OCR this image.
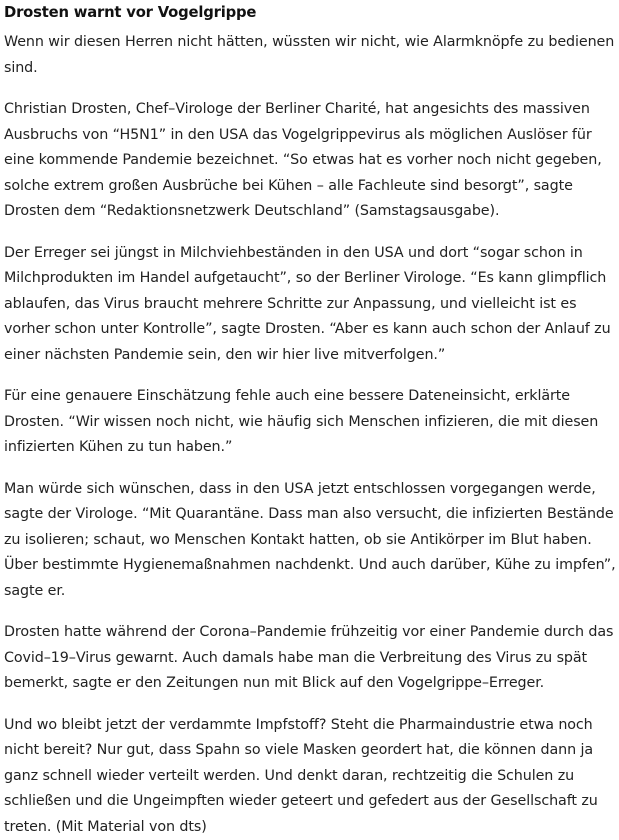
Drosten warnt vor Vogelgrippe

Wenn wir diesen Herren nicht hätten, wüssten wir nicht, wie Alarmknöpfe zu bedienen sind.

Christian Drosten, Chef–Virologe der Berliner Charité, hat angesichts des massiven Ausbruchs von “H5N1” in den USA das Vogelgrippevirus als möglichen Auslöser für eine kommende Pandemie bezeichnet. “So etwas hat es vorher noch nicht gegeben, solche extrem großen Ausbrüche bei Kühen – alle Fachleute sind besorgt”, sagte Drosten dem “Redaktionsnetzwerk Deutschland” (Samstagsausgabe).

Der Erreger sei jüngst in Milchviehbeständen in den USA und dort “sogar schon in Milchprodukten im Handel aufgetaucht”, so der Berliner Virologe. “Es kann glimpflich ablaufen, das Virus braucht mehrere Schritte zur Anpassung, und vielleicht ist es vorher schon unter Kontrolle”, sagte Drosten. “Aber es kann auch schon der Anlauf zu einer nächsten Pandemie sein, den wir hier live mitverfolgen.”

Für eine genauere Einschätzung fehle auch eine bessere Dateneinsicht, erklärte Drosten. “Wir wissen noch nicht, wie häufig sich Menschen infizieren, die mit diesen infizierten Kühen zu tun haben.”

Man würde sich wünschen, dass in den USA jetzt entschlossen vorgegangen werde, sagte der Virologe. “Mit Quarantäne. Dass man also versucht, die infizierten Bestände zu isolieren; schaut, wo Menschen Kontakt hatten, ob sie Antikörper im Blut haben. Über bestimmte Hygienemaßnahmen nachdenkt. Und auch darüber, Kühe zu impfen”, sagte er.

Drosten hatte während der Corona–Pandemie frühzeitig vor einer Pandemie durch das Covid–19–Virus gewarnt. Auch damals habe man die Verbreitung des Virus zu spät bemerkt, sagte er den Zeitungen nun mit Blick auf den Vogelgrippe–Erreger.

Und wo bleibt jetzt der verdammte Impfstoff? Steht die Pharmaindustrie etwa noch nicht bereit? Nur gut, dass Spahn so viele Masken geordert hat, die können dann ja ganz schnell wieder verteilt werden. Und denkt daran, rechtzeitig die Schulen zu schließen und die Ungeimpften wieder geteert und gefedert aus der Gesellschaft zu treten. (Mit Material von dts)
